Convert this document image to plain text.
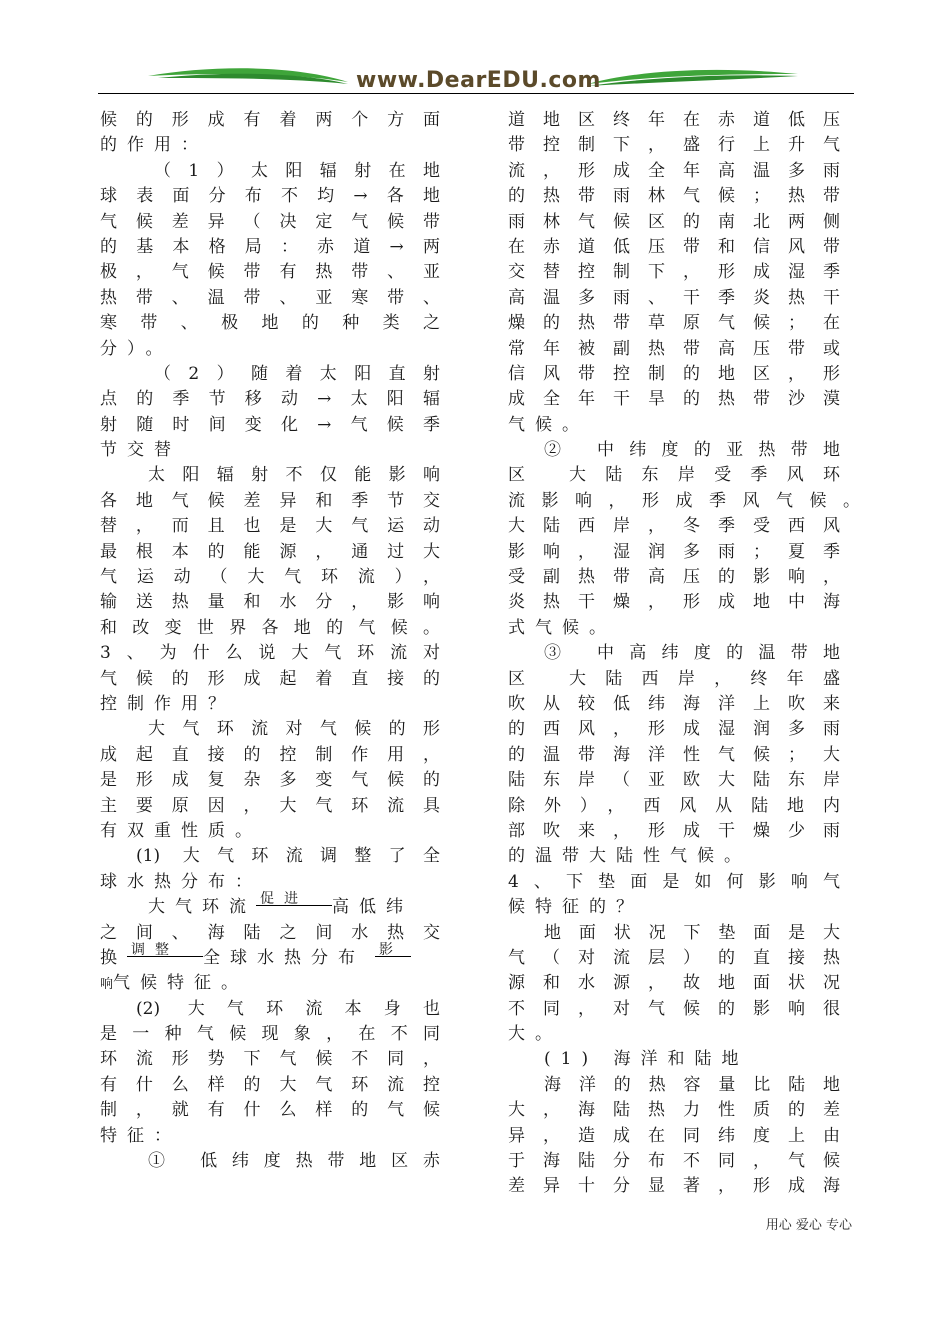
www.DearEDU.com
候的形成有着两个方面
的作用：
（1）太阳辐射在地
球表面分布不均→各地
气候差异（决定气候带
的基本格局：赤道→两
极，气候带有热带、亚
热带、温带、亚寒带、
寒带、极地的种类之
分）。
（2）随着太阳直射
点的季节移动→太阳辐
射随时间变化→气候季
节交替
太阳辐射不仅能影响
各地气候差异和季节交
替，而且也是大气运动
最根本的能源，通过大
气运动（大气环流），
输送热量和水分，影响
和改变世界各地的气候。
3、为什么说大气环流对
气候的形成起着直接的
控制作用？
大气环流对气候的形
成起直接的控制作用，
是形成复杂多变气候的
主要原因，大气环流具
有双重性质。
(1) 大气环流调整了全
球水热分布：
大气环流 促进 高低纬
之间、海陆之间水热交
换 调整 全球水热分布 影
响气候特征。
(2) 大气环流本身也
是一种气候现象，在不同
环流形势下气候不同，
有什么样的大气环流控
制，就有什么样的气候
特征：
① 低纬度热带地区赤
道地区终年在赤道低压
带控制下，盛行上升气
流，形成全年高温多雨
的热带雨林气候；热带
雨林气候区的南北两侧
在赤道低压带和信风带
交替控制下，形成湿季
高温多雨、干季炎热干
燥的热带草原气候；在
常年被副热带高压带或
信风带控制的地区，形
成全年干旱的热带沙漠
气候。
② 中纬度的亚热带地
区 大陆东岸受季风环
流影响，形成季风气候。
大陆西岸，冬季受西风
影响，湿润多雨；夏季
受副热带高压的影响，
炎热干燥，形成地中海
式气候。
③ 中高纬度的温带地
区 大陆西岸，终年盛
吹从较低纬海洋上吹来
的西风，形成湿润多雨
的温带海洋性气候；大
陆东岸（亚欧大陆东岸
除外），西风从陆地内
部吹来，形成干燥少雨
的温带大陆性气候。
4、下垫面是如何影响气
候特征的？
地面状况下垫面是大
气（对流层）的直接热
源和水源，故地面状况
不同，对气候的影响很
大。
(1) 海洋和陆地
海洋的热容量比陆地
大，海陆热力性质的差
异，造成在同纬度上由
于海陆分布不同，气候
差异十分显著，形成海
用心 爱心 专心
